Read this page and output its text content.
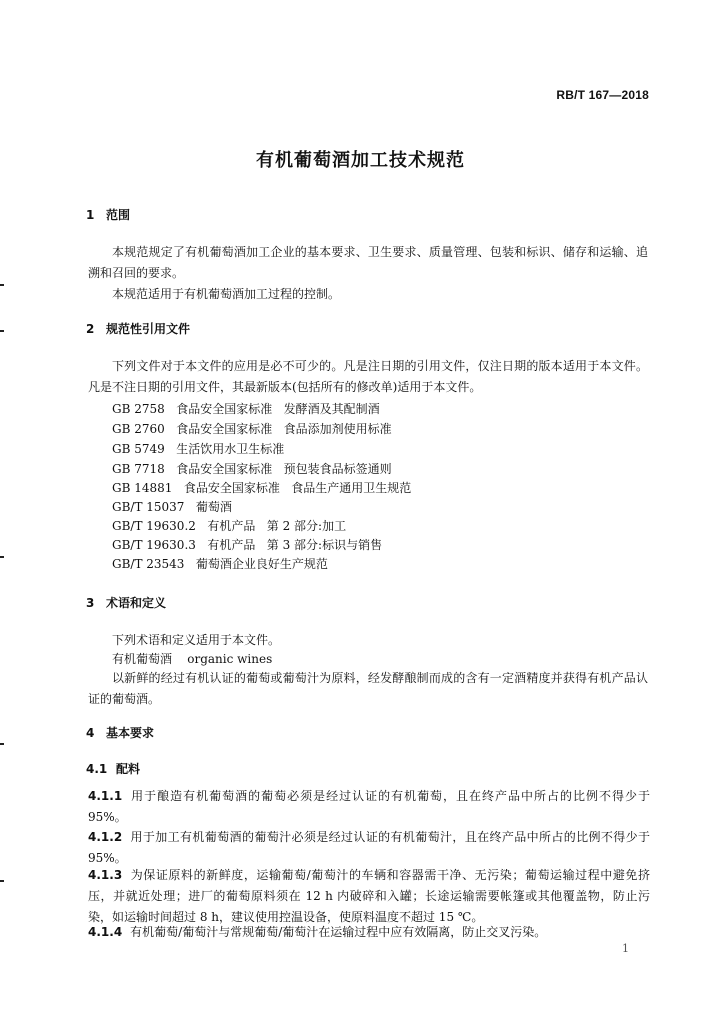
RB/T 167—2018
有机葡萄酒加工技术规范
1 范围
本规范规定了有机葡萄酒加工企业的基本要求、卫生要求、质量管理、包装和标识、储存和运输、追溯和召回的要求。
本规范适用于有机葡萄酒加工过程的控制。
2 规范性引用文件
下列文件对于本文件的应用是必不可少的。凡是注日期的引用文件，仅注日期的版本适用于本文件。凡是不注日期的引用文件，其最新版本(包括所有的修改单)适用于本文件。
GB 2758   食品安全国家标准   发酵酒及其配制酒
GB 2760   食品安全国家标准   食品添加剂使用标准
GB 5749   生活饮用水卫生标准
GB 7718   食品安全国家标准   预包装食品标签通则
GB 14881   食品安全国家标准   食品生产通用卫生规范
GB/T 15037   葡萄酒
GB/T 19630.2   有机产品   第 2 部分:加工
GB/T 19630.3   有机产品   第 3 部分:标识与销售
GB/T 23543   葡萄酒企业良好生产规范
3 术语和定义
下列术语和定义适用于本文件。
有机葡萄酒    organic wines
以新鲜的经过有机认证的葡萄或葡萄汁为原料，经发酵酿制而成的含有一定酒精度并获得有机产品认证的葡萄酒。
4 基本要求
4.1 配料
4.1.1 用于酿造有机葡萄酒的葡萄必须是经过认证的有机葡萄，且在终产品中所占的比例不得少于 95%。
4.1.2 用于加工有机葡萄酒的葡萄汁必须是经过认证的有机葡萄汁，且在终产品中所占的比例不得少于 95%。
4.1.3 为保证原料的新鲜度，运输葡萄/葡萄汁的车辆和容器需干净、无污染；葡萄运输过程中避免挤压，并就近处理；进厂的葡萄原料须在 12 h 内破碎和入罐；长途运输需要帐篷或其他覆盖物，防止污染，如运输时间超过 8 h，建议使用控温设备，使原料温度不超过 15 ℃。
4.1.4 有机葡萄/葡萄汁与常规葡萄/葡萄汁在运输过程中应有效隔离，防止交叉污染。
1
